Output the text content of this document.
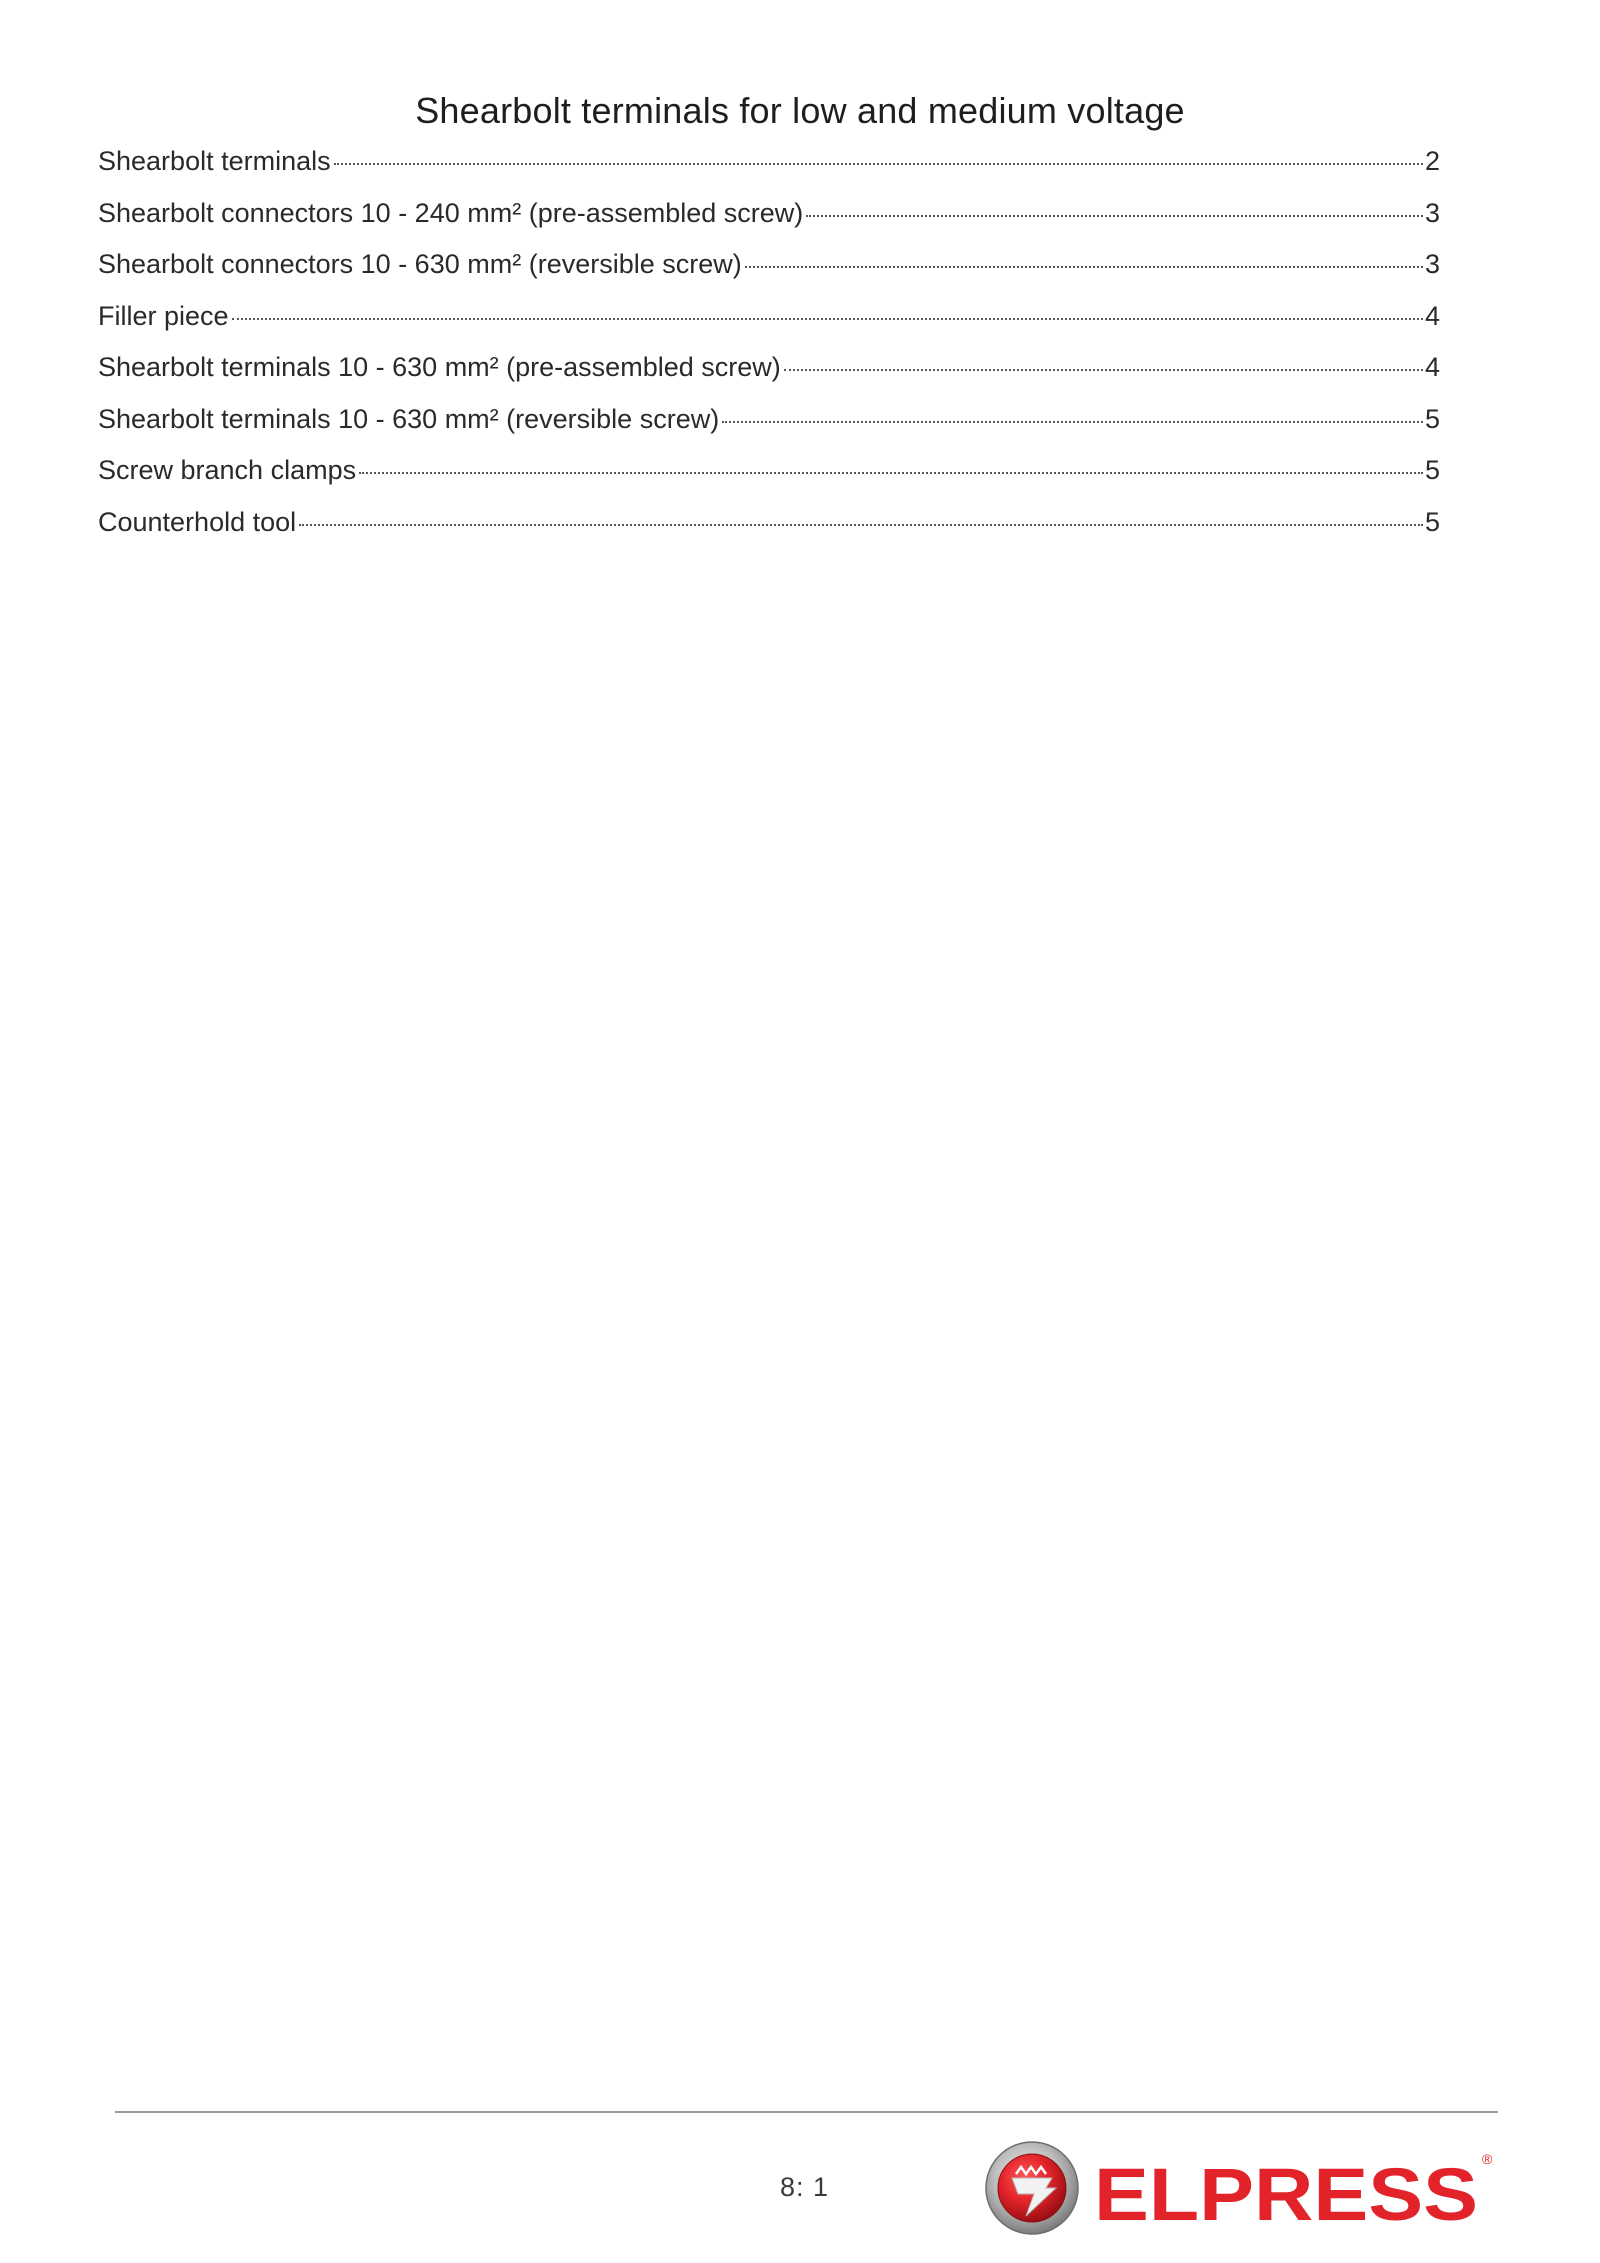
Shearbolt terminals for low and medium voltage
Shearbolt terminals	2
Shearbolt connectors 10 - 240 mm² (pre-assembled screw)	3
Shearbolt connectors 10 - 630 mm² (reversible screw)	3
Filler piece	4
Shearbolt terminals 10 - 630 mm² (pre-assembled screw)	4
Shearbolt terminals 10 - 630 mm² (reversible screw)	5
Screw branch clamps	5
Counterhold tool	5
8: 1	ELPRESS ®
